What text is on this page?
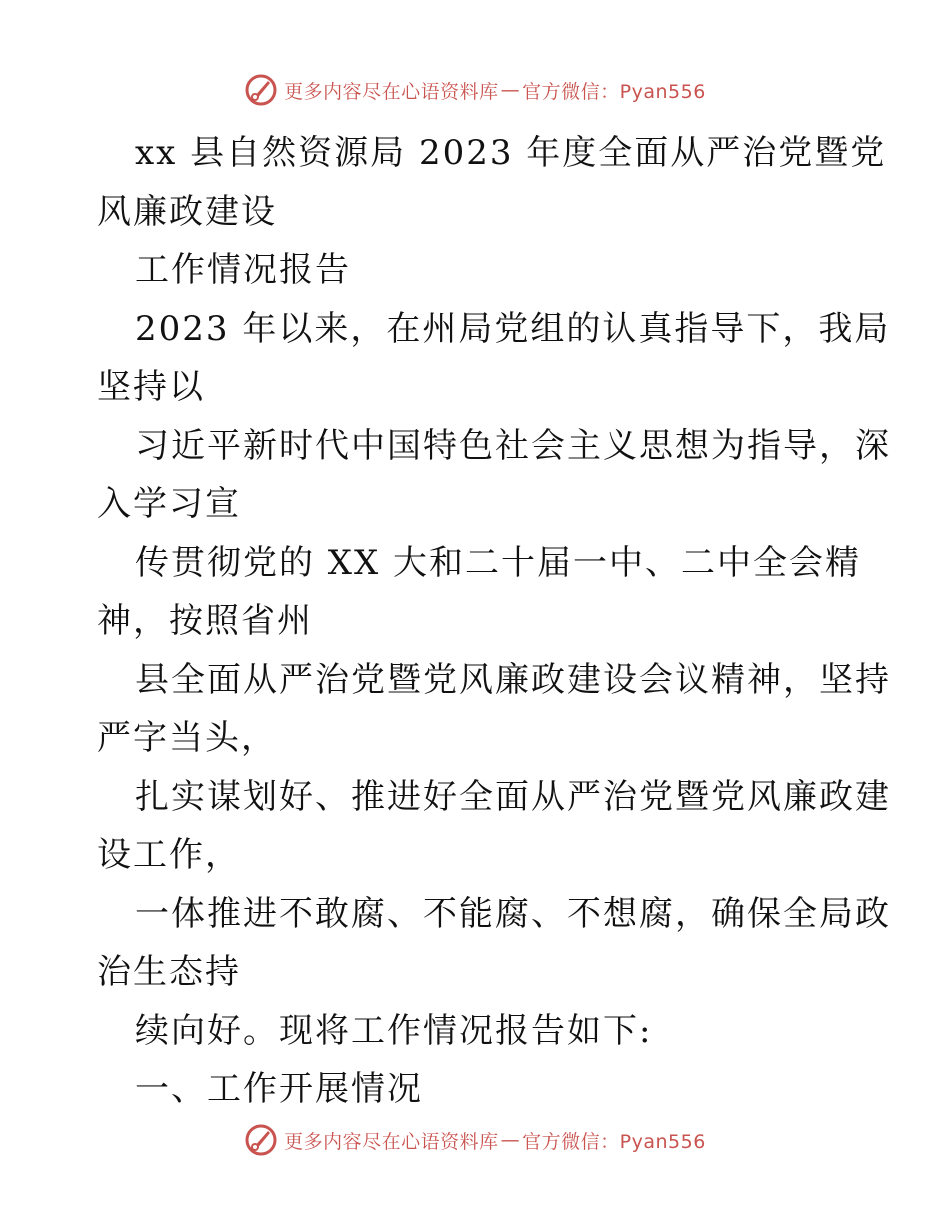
更多内容尽在心语资料库 — 官方微信：Pyan556
xx 县自然资源局 2023 年度全面从严治党暨党
风廉政建设
工作情况报告
2023 年以来，在州局党组的认真指导下，我局
坚持以
习近平新时代中国特色社会主义思想为指导，深
入学习宣
传贯彻党的 XX 大和二十届一中、二中全会精
神，按照省州
县全面从严治党暨党风廉政建设会议精神，坚持
严字当头，
扎实谋划好、推进好全面从严治党暨党风廉政建
设工作，
一体推进不敢腐、不能腐、不想腐，确保全局政
治生态持
续向好。现将工作情况报告如下:
一、工作开展情况
更多内容尽在心语资料库 — 官方微信：Pyan556
